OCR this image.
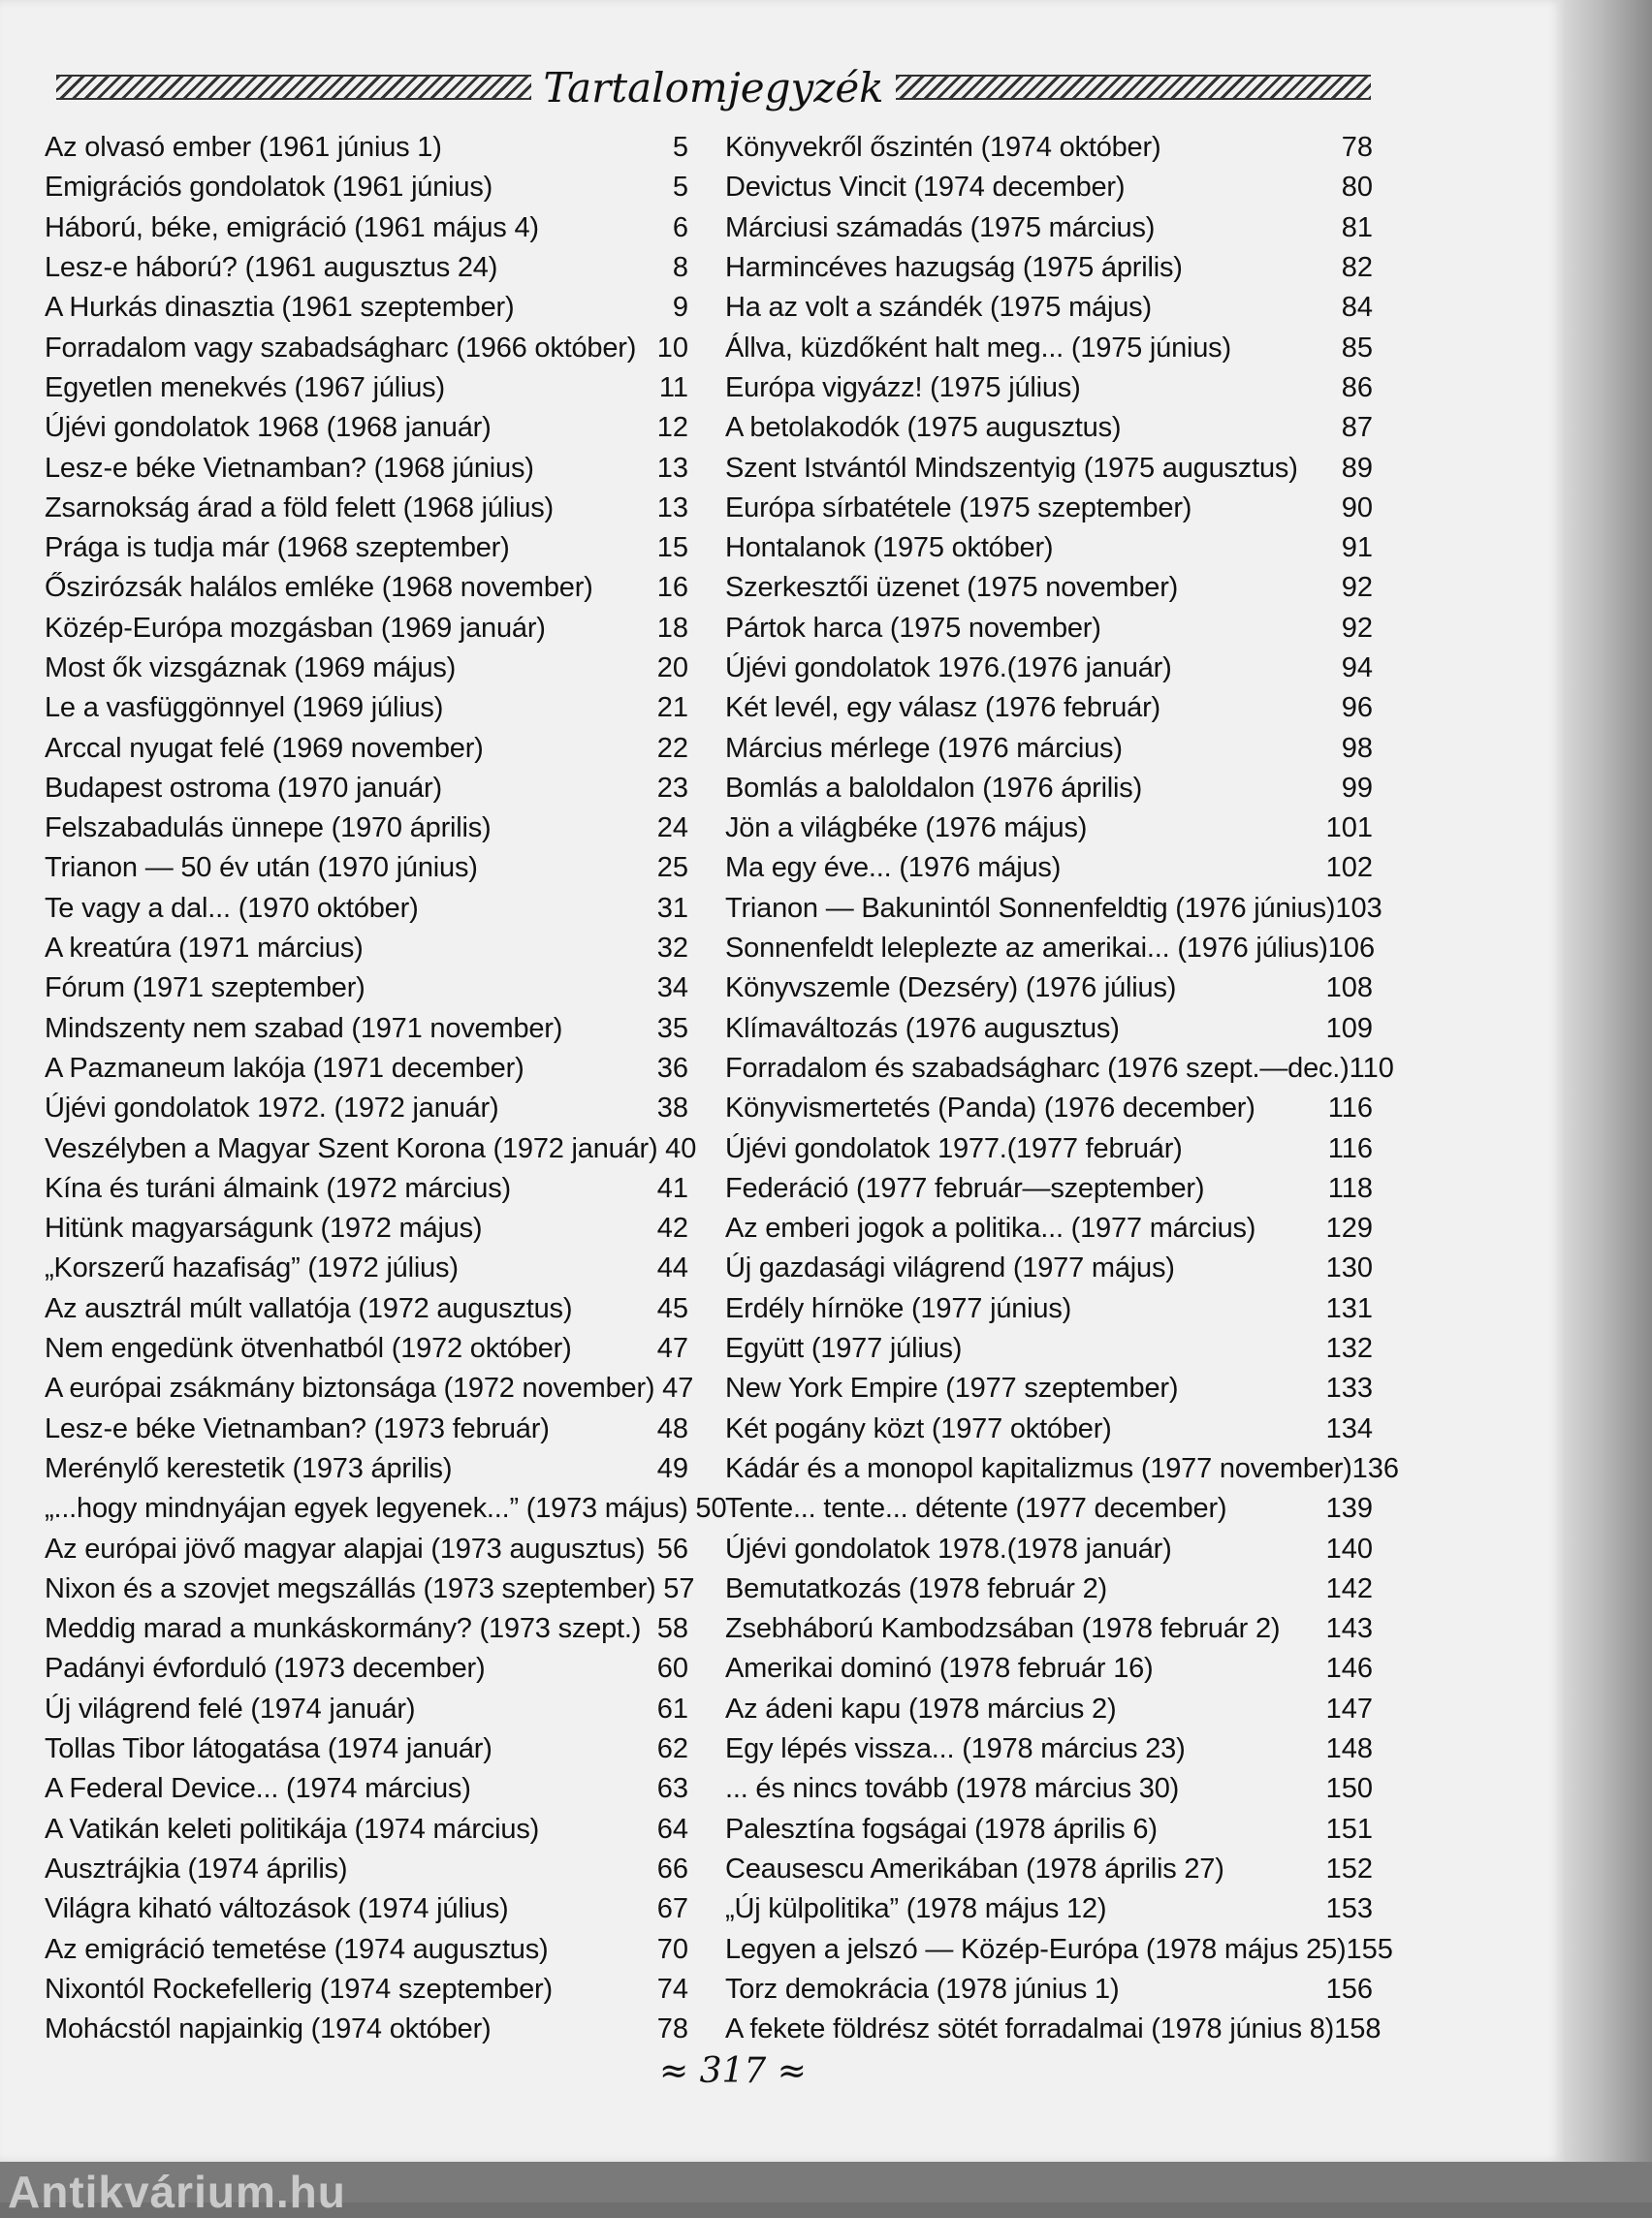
Tartalomjegyzék
Az olvasó ember (1961 június 1)	5
Emigrációs gondolatok (1961 június)	5
Háború, béke, emigráció (1961 május 4)	6
Lesz-e háború? (1961 augusztus 24)	8
A Hurkás dinasztia (1961 szeptember)	9
Forradalom vagy szabadságharc (1966 október) 10
Egyetlen menekvés (1967 július)	11
Újévi gondolatok 1968 (1968 január)	12
Lesz-e béke Vietnamban? (1968 június)	13
Zsarnokság árad a föld felett (1968 július)	13
Prága is tudja már (1968 szeptember)	15
Őszirózsák halálos emléke (1968 november) 16
Közép-Európa mozgásban (1969 január)	18
Most ők vizsgáznak (1969 május)	20
Le a vasfüggönnyel (1969 július)	21
Arccal nyugat felé (1969 november)	22
Budapest ostroma (1970 január)	23
Felszabadulás ünnepe (1970 április)	24
Trianon — 50 év után (1970 június)	25
Te vagy a dal... (1970 október)	31
A kreatúra (1971 március)	32
Fórum (1971 szeptember)	34
Mindszenty nem szabad (1971 november)	35
A Pazmaneum lakója (1971 december)	36
Újévi gondolatok 1972. (1972 január)	38
Veszélyben a Magyar Szent Korona (1972 január) 40
Kína és turáni álmaink (1972 március)	41
Hitünk magyarságunk (1972 május)	42
„Korszerű hazafiság” (1972 július)	44
Az ausztrál múlt vallatója (1972 augusztus)	45
Nem engedünk ötvenhatból (1972 október)	47
A európai zsákmány biztonsága (1972 november) 47
Lesz-e béke Vietnamban? (1973 február)	48
Merénylő kerestetik (1973 április)	49
„...hogy mindnyájan egyek legyenek...” (1973 május) 50
Az európai jövő magyar alapjai (1973 augusztus) 56
Nixon és a szovjet megszállás (1973 szeptember) 57
Meddig marad a munkáskormány? (1973 szept.) 58
Padányi évforduló (1973 december)	60
Új világrend felé (1974 január)	61
Tollas Tibor látogatása (1974 január)	62
A Federal Device... (1974 március)	63
A Vatikán keleti politikája (1974 március)	64
Ausztrájkia (1974 április)	66
Világra kiható változások (1974 július)	67
Az emigráció temetése (1974 augusztus)	70
Nixontól Rockefellerig (1974 szeptember)	74
Mohácstól napjainkig (1974 október)	78
Könyvekről őszintén (1974 október)	78
Devictus Vincit (1974 december)	80
Márciusi számadás (1975 március)	81
Harmincéves hazugság (1975 április)	82
Ha az volt a szándék (1975 május)	84
Állva, küzdőként halt meg... (1975 június)	85
Európa vigyázz! (1975 július)	86
A betolakodók (1975 augusztus)	87
Szent Istvántól Mindszentyig (1975 augusztus) 89
Európa sírbatétele (1975 szeptember)	90
Hontalanok (1975 október)	91
Szerkesztői üzenet (1975 november)	92
Pártok harca (1975 november)	92
Újévi gondolatok 1976.(1976 január)	94
Két levél, egy válasz (1976 február)	96
Március mérlege (1976 március)	98
Bomlás a baloldalon (1976 április)	99
Jön a világbéke (1976 május)	101
Ma egy éve... (1976 május)	102
Trianon — Bakunintól Sonnenfeldtig (1976 június) 103
Sonnenfeldt leleplezte az amerikai... (1976 július) 106
Könyvszemle (Dezséry) (1976 július)	108
Klímaváltozás (1976 augusztus)	109
Forradalom és szabadságharc (1976 szept.—dec.) 110
Könyvismertetés (Panda) (1976 december)	116
Újévi gondolatok 1977.(1977 február)	116
Federáció (1977 február—szeptember)	118
Az emberi jogok a politika... (1977 március) 129
Új gazdasági világrend (1977 május)	130
Erdély hírnöke (1977 június)	131
Együtt (1977 július)	132
New York Empire (1977 szeptember)	133
Két pogány közt (1977 október)	134
Kádár és a monopol kapitalizmus (1977 november) 136
Tente... tente... détente (1977 december)	139
Újévi gondolatok 1978.(1978 január)	140
Bemutatkozás (1978 február 2)	142
Zsebháború Kambodzsában (1978 február 2) 143
Amerikai dominó (1978 február 16)	146
Az ádeni kapu (1978 március 2)	147
Egy lépés vissza... (1978 március 23)	148
... és nincs tovább (1978 március 30)	150
Palesztína fogságai (1978 április 6)	151
Ceausescu Amerikában (1978 április 27)	152
„Új külpolitika” (1978 május 12)	153
Legyen a jelszó — Közép-Európa (1978 május 25) 155
Torz demokrácia (1978 június 1)	156
A fekete földrész sötét forradalmai (1978 június 8) 158
≈ 317 ≈
Antikvárium.hu
